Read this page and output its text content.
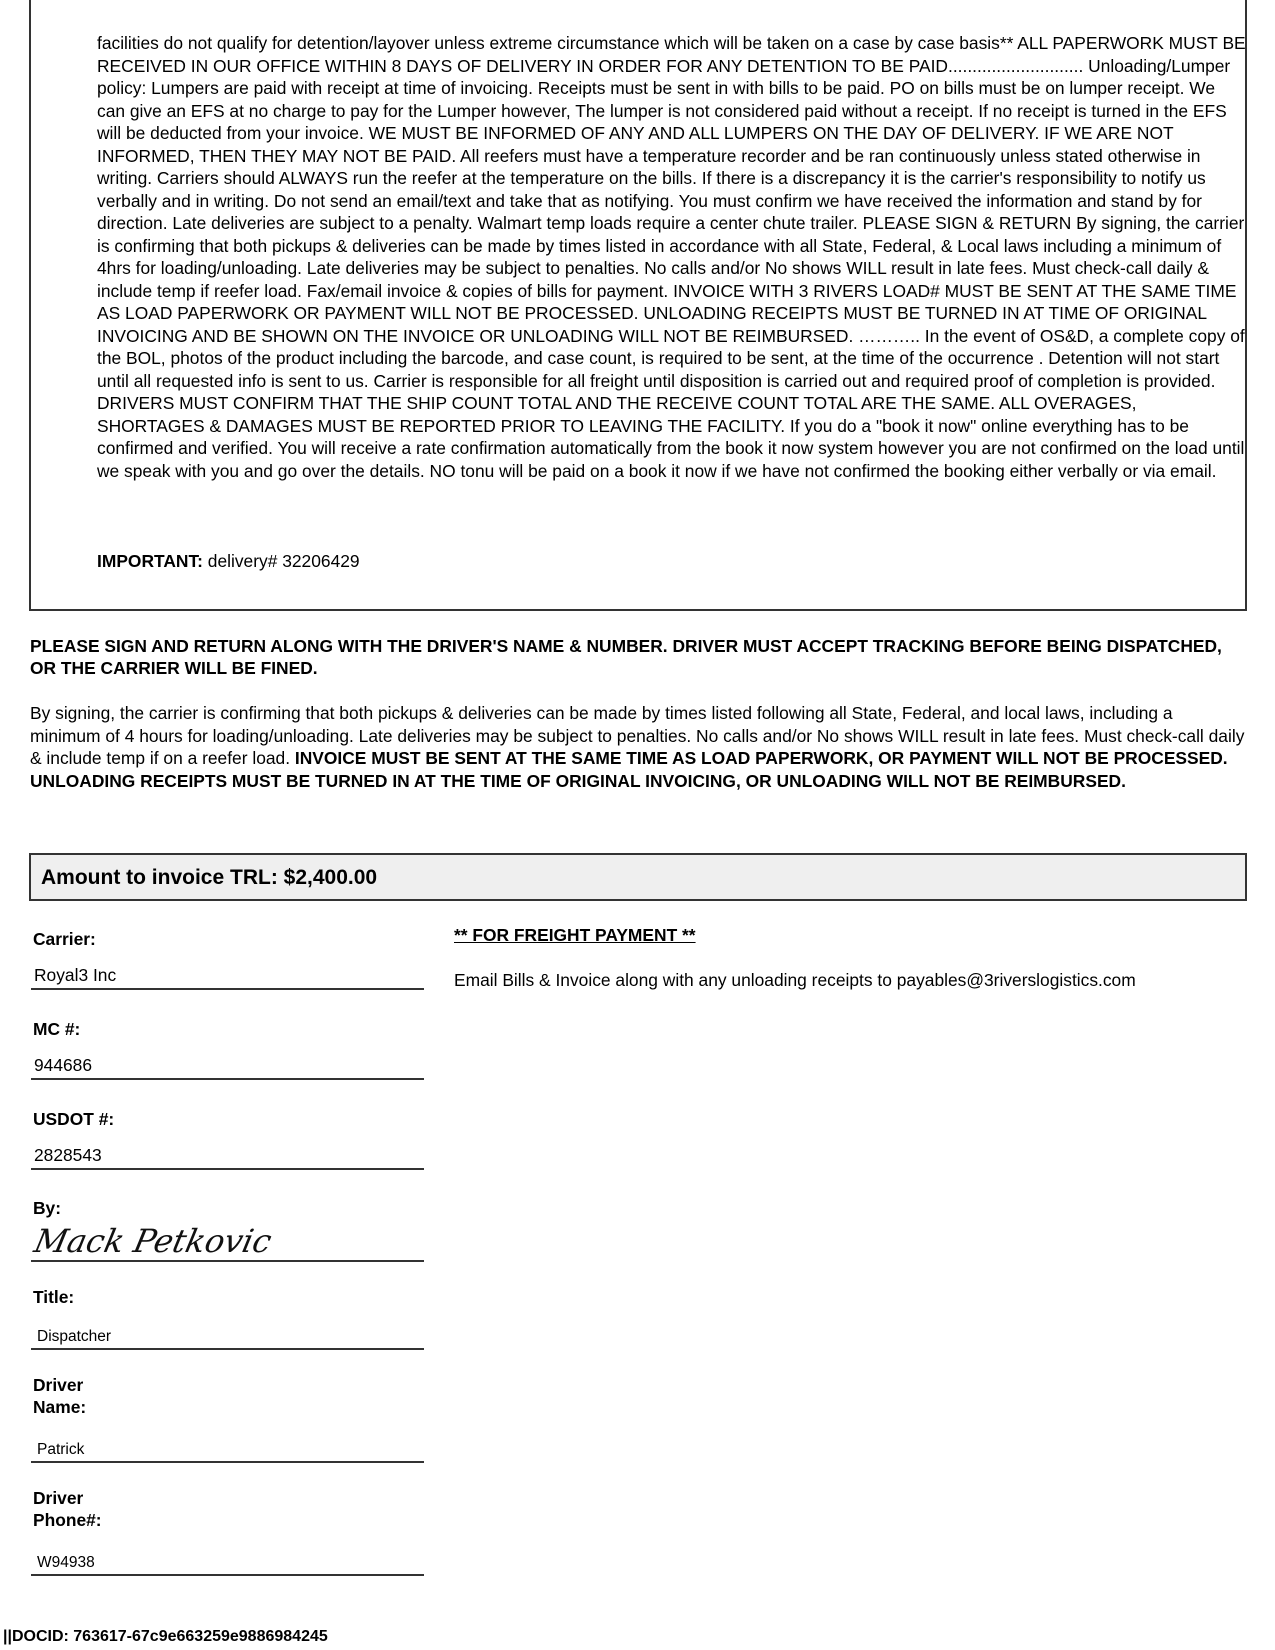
facilities do not qualify for detention/layover unless extreme circumstance which will be taken on a case by case basis** ALL PAPERWORK MUST BE RECEIVED IN OUR OFFICE WITHIN 8 DAYS OF DELIVERY IN ORDER FOR ANY DETENTION TO BE PAID............................ Unloading/Lumper policy: Lumpers are paid with receipt at time of invoicing. Receipts must be sent in with bills to be paid. PO on bills must be on lumper receipt. We can give an EFS at no charge to pay for the Lumper however, The lumper is not considered paid without a receipt. If no receipt is turned in the EFS will be deducted from your invoice. WE MUST BE INFORMED OF ANY AND ALL LUMPERS ON THE DAY OF DELIVERY. IF WE ARE NOT INFORMED, THEN THEY MAY NOT BE PAID. All reefers must have a temperature recorder and be ran continuously unless stated otherwise in writing. Carriers should ALWAYS run the reefer at the temperature on the bills. If there is a discrepancy it is the carrier's responsibility to notify us verbally and in writing. Do not send an email/text and take that as notifying. You must confirm we have received the information and stand by for direction. Late deliveries are subject to a penalty. Walmart temp loads require a center chute trailer. PLEASE SIGN & RETURN By signing, the carrier is confirming that both pickups & deliveries can be made by times listed in accordance with all State, Federal, & Local laws including a minimum of 4hrs for loading/unloading. Late deliveries may be subject to penalties. No calls and/or No shows WILL result in late fees. Must check-call daily & include temp if reefer load. Fax/email invoice & copies of bills for payment. INVOICE WITH 3 RIVERS LOAD# MUST BE SENT AT THE SAME TIME AS LOAD PAPERWORK OR PAYMENT WILL NOT BE PROCESSED. UNLOADING RECEIPTS MUST BE TURNED IN AT TIME OF ORIGINAL INVOICING AND BE SHOWN ON THE INVOICE OR UNLOADING WILL NOT BE REIMBURSED. ……….. In the event of OS&D, a complete copy of the BOL, photos of the product including the barcode, and case count, is required to be sent, at the time of the occurrence . Detention will not start until all requested info is sent to us. Carrier is responsible for all freight until disposition is carried out and required proof of completion is provided. DRIVERS MUST CONFIRM THAT THE SHIP COUNT TOTAL AND THE RECEIVE COUNT TOTAL ARE THE SAME. ALL OVERAGES, SHORTAGES & DAMAGES MUST BE REPORTED PRIOR TO LEAVING THE FACILITY. If you do a "book it now" online everything has to be confirmed and verified. You will receive a rate confirmation automatically from the book it now system however you are not confirmed on the load until we speak with you and go over the details. NO tonu will be paid on a book it now if we have not confirmed the booking either verbally or via email.

IMPORTANT: delivery# 32206429

PLEASE SIGN AND RETURN ALONG WITH THE DRIVER'S NAME & NUMBER. DRIVER MUST ACCEPT TRACKING BEFORE BEING DISPATCHED, OR THE CARRIER WILL BE FINED.

By signing, the carrier is confirming that both pickups & deliveries can be made by times listed following all State, Federal, and local laws, including a minimum of 4 hours for loading/unloading. Late deliveries may be subject to penalties. No calls and/or No shows WILL result in late fees. Must check-call daily & include temp if on a reefer load. INVOICE MUST BE SENT AT THE SAME TIME AS LOAD PAPERWORK, OR PAYMENT WILL NOT BE PROCESSED. UNLOADING RECEIPTS MUST BE TURNED IN AT THE TIME OF ORIGINAL INVOICING, OR UNLOADING WILL NOT BE REIMBURSED.

Amount to invoice TRL: $2,400.00

Carrier:

Royal3 Inc

MC #:

944686

USDOT #:

2828543

By:

Mack Petkovic

Title:

Dispatcher

Driver
Name:

Patrick

Driver
Phone#:

W94938

** FOR FREIGHT PAYMENT **

Email Bills & Invoice along with any unloading receipts to payables@3riverslogistics.com

||DOCID: 763617-67c9e663259e9886984245
